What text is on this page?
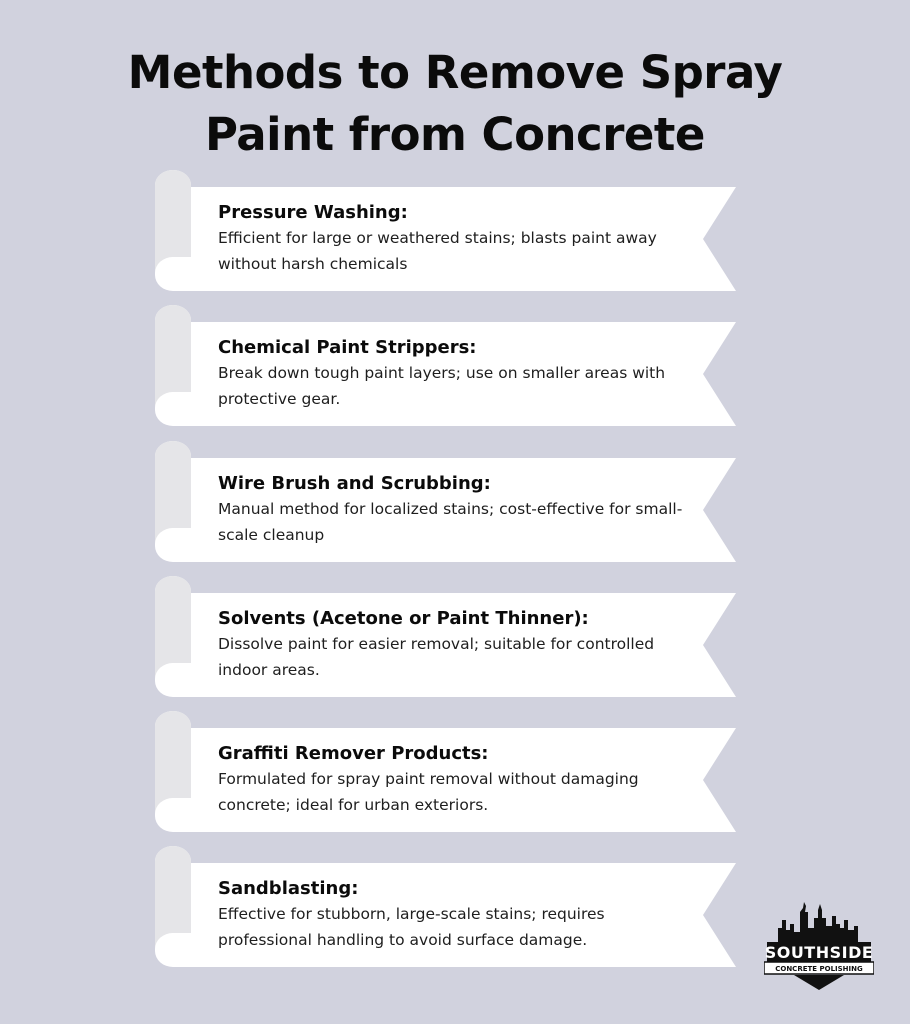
Methods to Remove Spray
Paint from Concrete
Pressure Washing:
Efficient for large or weathered stains; blasts paint away without harsh chemicals
Chemical Paint Strippers:
Break down tough paint layers; use on smaller areas with protective gear.
Wire Brush and Scrubbing:
Manual method for localized stains; cost-effective for small-scale cleanup
Solvents (Acetone or Paint Thinner):
Dissolve paint for easier removal; suitable for controlled indoor areas.
Graffiti Remover Products:
Formulated for spray paint removal without damaging concrete; ideal for urban exteriors.
Sandblasting:
Effective for stubborn, large-scale stains; requires professional handling to avoid surface damage.
SOUTHSIDE
CONCRETE POLISHING
